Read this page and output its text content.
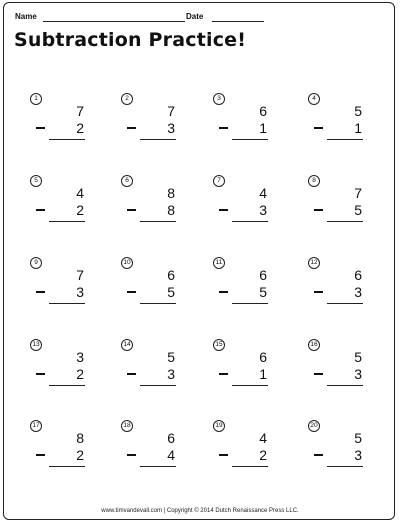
Name	Date
Subtraction Practice!
1
7
2
2
7
3
3
6
1
4
5
1
5
4
2
6
8
8
7
4
3
8
7
5
9
7
3
10
6
5
11
6
5
12
6
3
13
3
2
14
5
3
15
6
1
16
5
3
17
8
2
18
6
4
19
4
2
20
5
3
www.timvandevall.com | Copyright © 2014 Dutch Renaissance Press LLC.
